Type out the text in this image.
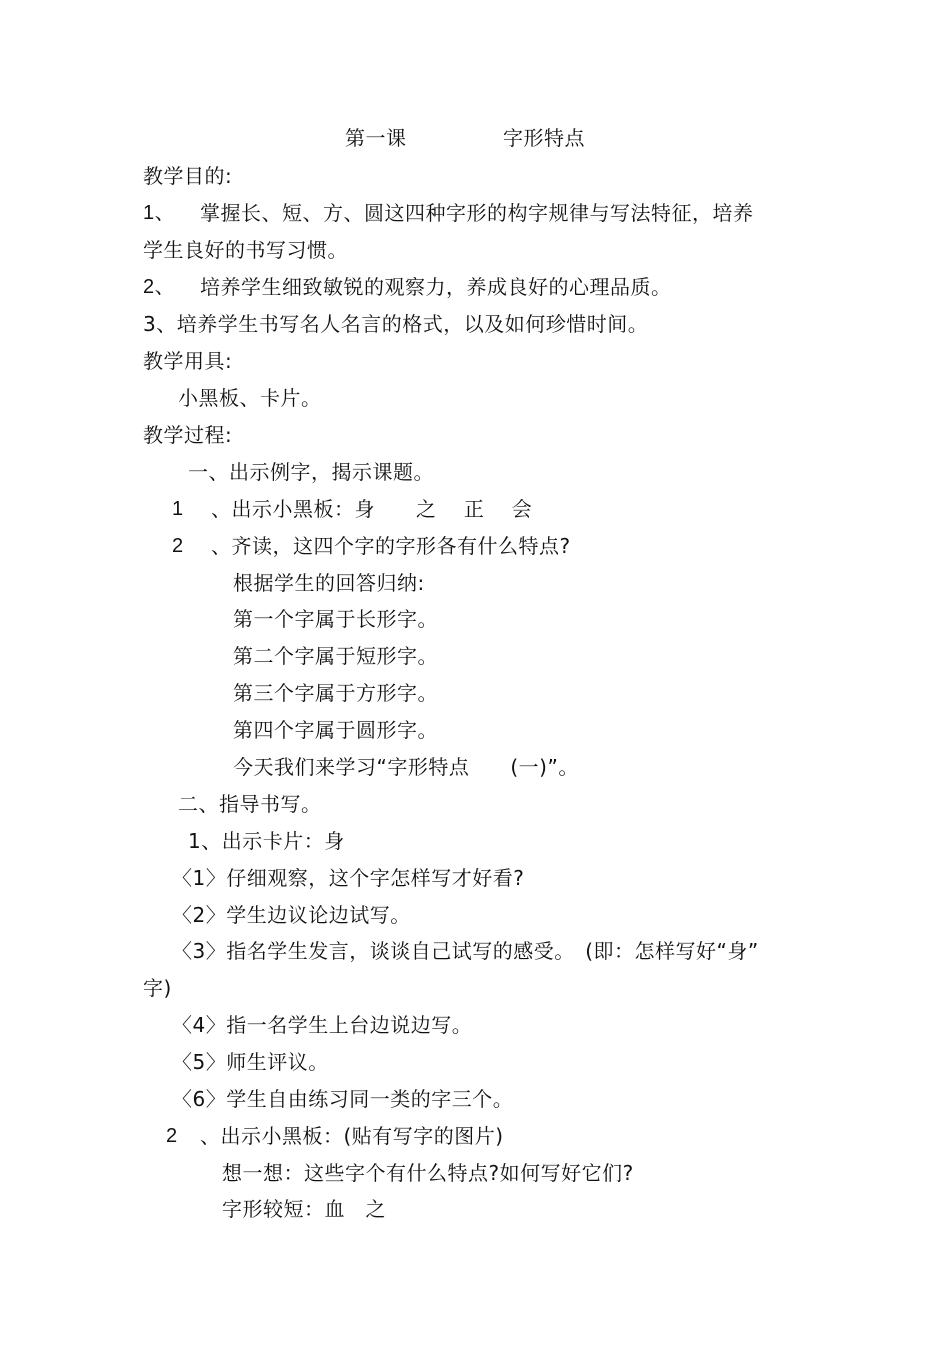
第一课	字形特点
教学目的:
1、 掌握长、短、方、圆这四种字形的构字规律与写法特征，培养
学生良好的书写习惯。
2、 培养学生细致敏锐的观察力，养成良好的心理品质。
3、培养学生书写名人名言的格式，以及如何珍惜时间。
教学用具:
小黑板、卡片。
教学过程:
一、出示例字，揭示课题。
1 、出示小黑板：身　　之　 正　 会
2 、齐读，这四个字的字形各有什么特点?
根据学生的回答归纳:
第一个字属于长形字。
第二个字属于短形字。
第三个字属于方形字。
第四个字属于圆形字。
今天我们来学习“字形特点　　(一)”。
二、指导书写。
1、出示卡片：身
〈1〉仔细观察，这个字怎样写才好看?
〈2〉学生边议论边试写。
〈3〉指名学生发言，谈谈自己试写的感受。　(即：怎样写好“身”
字)
〈4〉指一名学生上台边说边写。
〈5〉师生评议。
〈6〉学生自由练习同一类的字三个。
2 、出示小黑板：(贴有写字的图片)
想一想：这些字个有什么特点?如何写好它们?
字形较短：血　之
